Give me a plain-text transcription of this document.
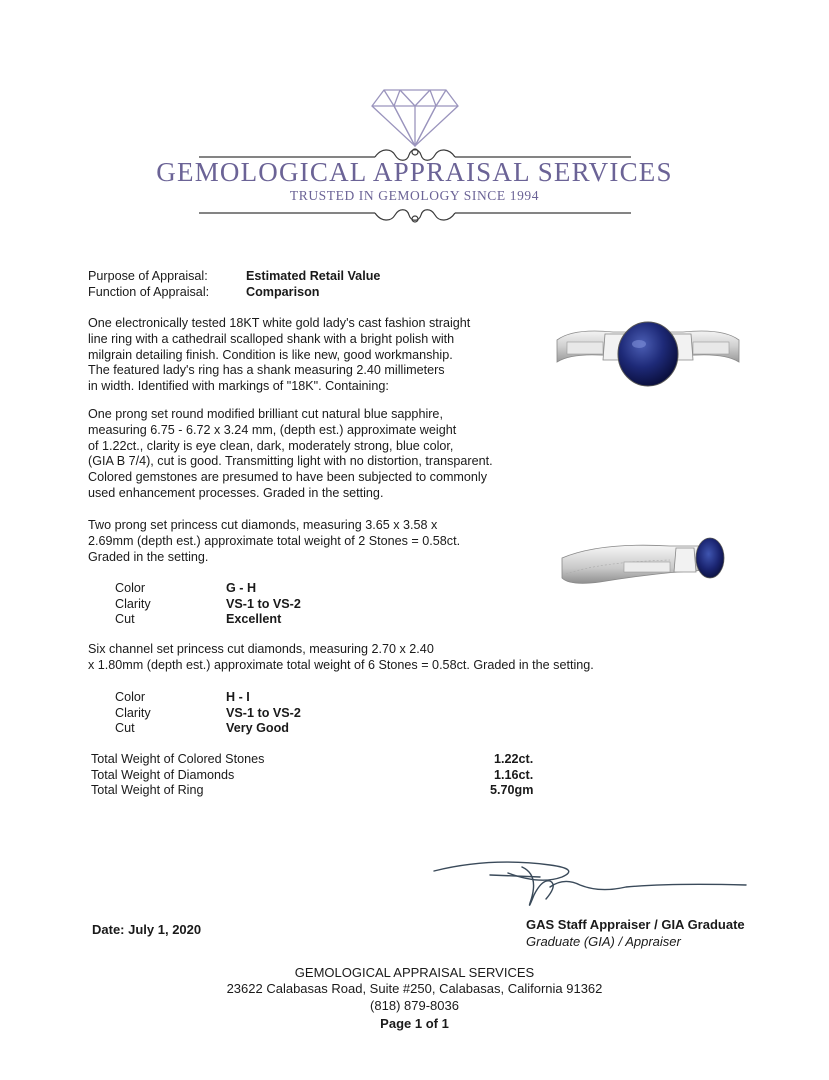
GEMOLOGICAL APPRAISAL SERVICES
TRUSTED IN GEMOLOGY SINCE 1994
Purpose of Appraisal:	Estimated Retail Value
Function of Appraisal:	Comparison
One electronically tested 18KT white gold lady's cast fashion straight
line ring with a cathedrail scalloped shank with a bright polish with
milgrain detailing finish. Condition is like new, good workmanship.
The featured lady's ring has a shank measuring 2.40 millimeters
in width. Identified with markings of "18K". Containing:
One prong set round modified brilliant cut natural blue sapphire,
measuring 6.75 - 6.72 x 3.24 mm, (depth est.) approximate weight
of 1.22ct., clarity is eye clean, dark, moderately strong, blue color,
(GIA B 7/4), cut is good. Transmitting light with no distortion, transparent.
Colored gemstones are presumed to have been subjected to commonly
used enhancement processes. Graded in the setting.
Two prong set princess cut diamonds, measuring 3.65 x 3.58 x
2.69mm (depth est.) approximate total weight of 2 Stones = 0.58ct.
Graded in the setting.
Color	G - H
Clarity	VS-1 to VS-2
Cut	Excellent
Six channel set princess cut diamonds, measuring 2.70 x 2.40
x 1.80mm (depth est.) approximate total weight of 6 Stones = 0.58ct. Graded in the setting.
Color	H - I
Clarity	VS-1 to VS-2
Cut	Very Good
Total Weight of Colored Stones	1.22ct.
Total Weight of Diamonds	1.16ct.
Total Weight of Ring	5.70gm
Date: July 1, 2020	GAS Staff Appraiser / GIA Graduate
Graduate (GIA) / Appraiser
GEMOLOGICAL APPRAISAL SERVICES
23622 Calabasas Road, Suite #250, Calabasas, California 91362
(818) 879-8036
Page 1 of 1
